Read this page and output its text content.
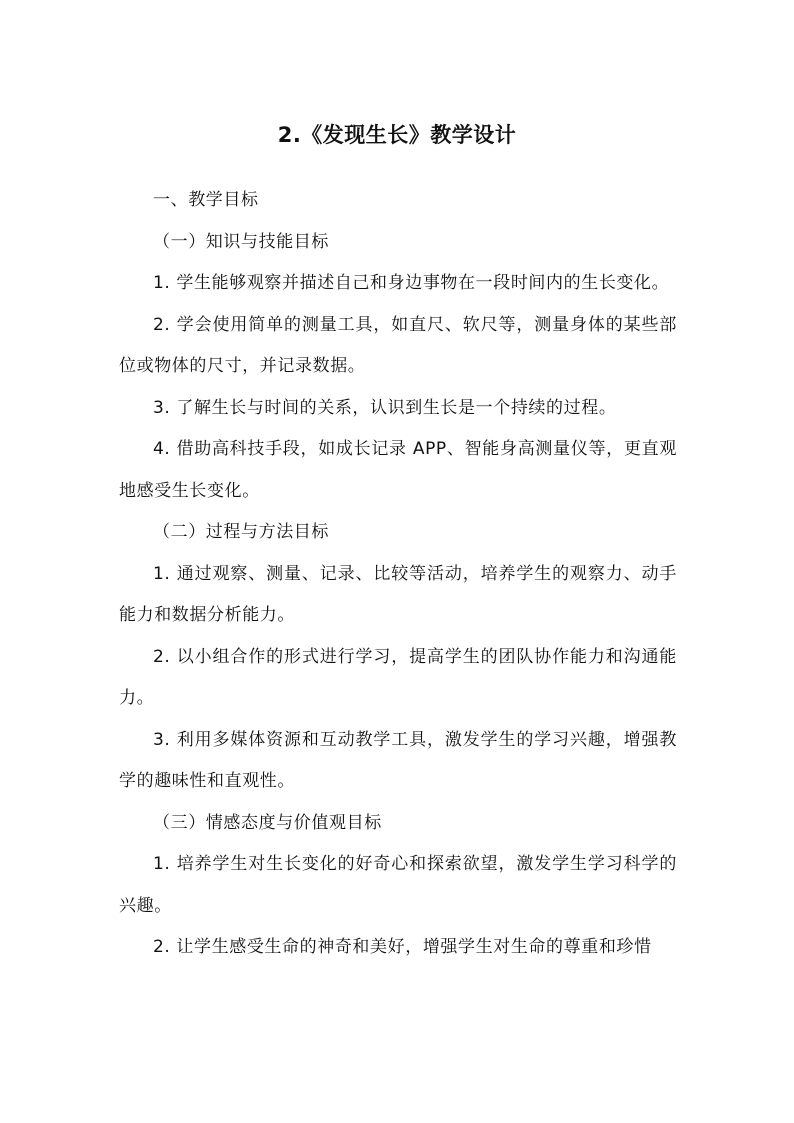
2.《发现生长》教学设计

一、教学目标

（一）知识与技能目标

1. 学生能够观察并描述自己和身边事物在一段时间内的生长变化。

2. 学会使用简单的测量工具，如直尺、软尺等，测量身体的某些部位或物体的尺寸，并记录数据。

3. 了解生长与时间的关系，认识到生长是一个持续的过程。

4. 借助高科技手段，如成长记录 APP、智能身高测量仪等，更直观地感受生长变化。

（二）过程与方法目标

1. 通过观察、测量、记录、比较等活动，培养学生的观察力、动手能力和数据分析能力。

2. 以小组合作的形式进行学习，提高学生的团队协作能力和沟通能力。

3. 利用多媒体资源和互动教学工具，激发学生的学习兴趣，增强教学的趣味性和直观性。

（三）情感态度与价值观目标

1. 培养学生对生长变化的好奇心和探索欲望，激发学生学习科学的兴趣。

2. 让学生感受生命的神奇和美好，增强学生对生命的尊重和珍惜
